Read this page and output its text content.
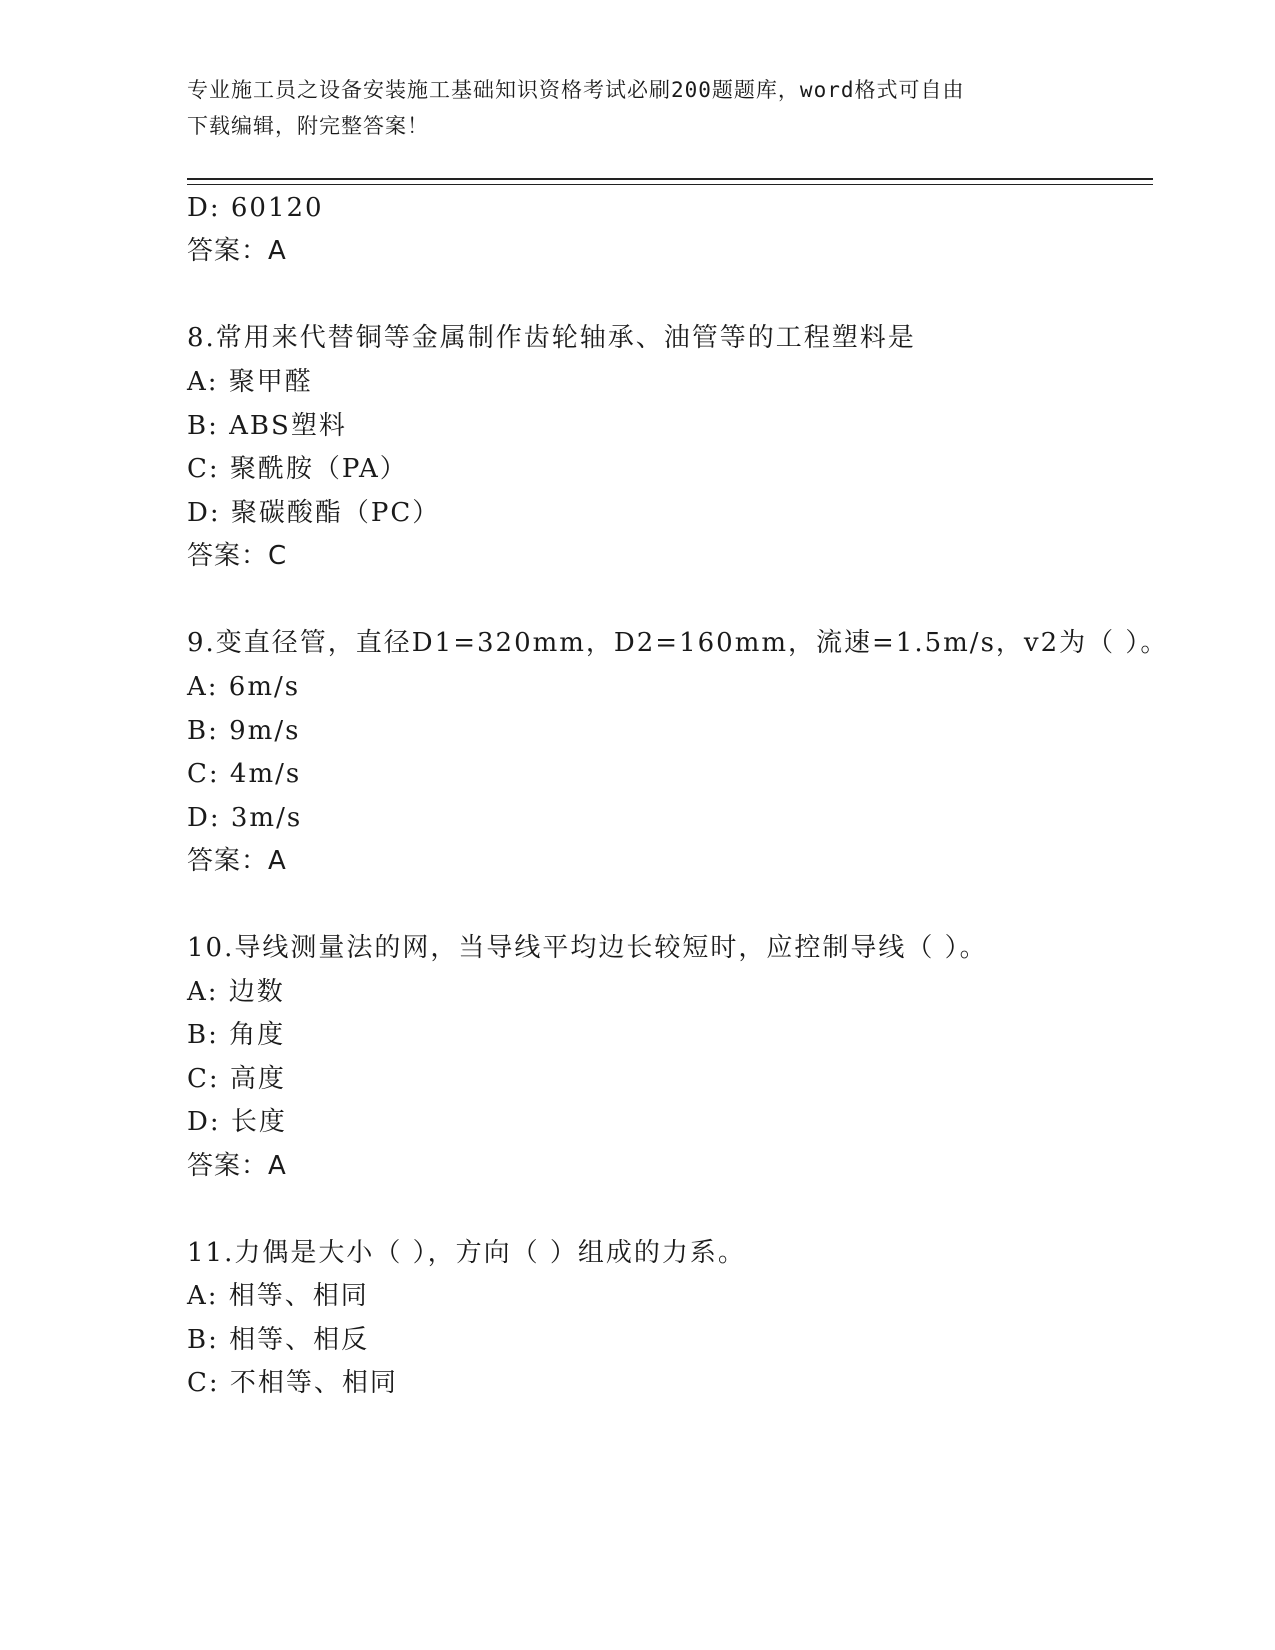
专业施工员之设备安装施工基础知识资格考试必刷200题题库，word格式可自由
下载编辑，附完整答案！
D: 60120
答案：A
8.常用来代替铜等金属制作齿轮轴承、油管等的工程塑料是
A: 聚甲醛
B: ABS塑料
C: 聚酰胺（PA）
D: 聚碳酸酯（PC）
答案：C
9.变直径管，直径D1=320mm，D2=160mm，流速=1.5m/s，v2为（ ）。
A: 6m/s
B: 9m/s
C: 4m/s
D: 3m/s
答案：A
10.导线测量法的网，当导线平均边长较短时，应控制导线（ ）。
A: 边数
B: 角度
C: 高度
D: 长度
答案：A
11.力偶是大小（ ），方向（ ）组成的力系。
A: 相等、相同
B: 相等、相反
C: 不相等、相同
